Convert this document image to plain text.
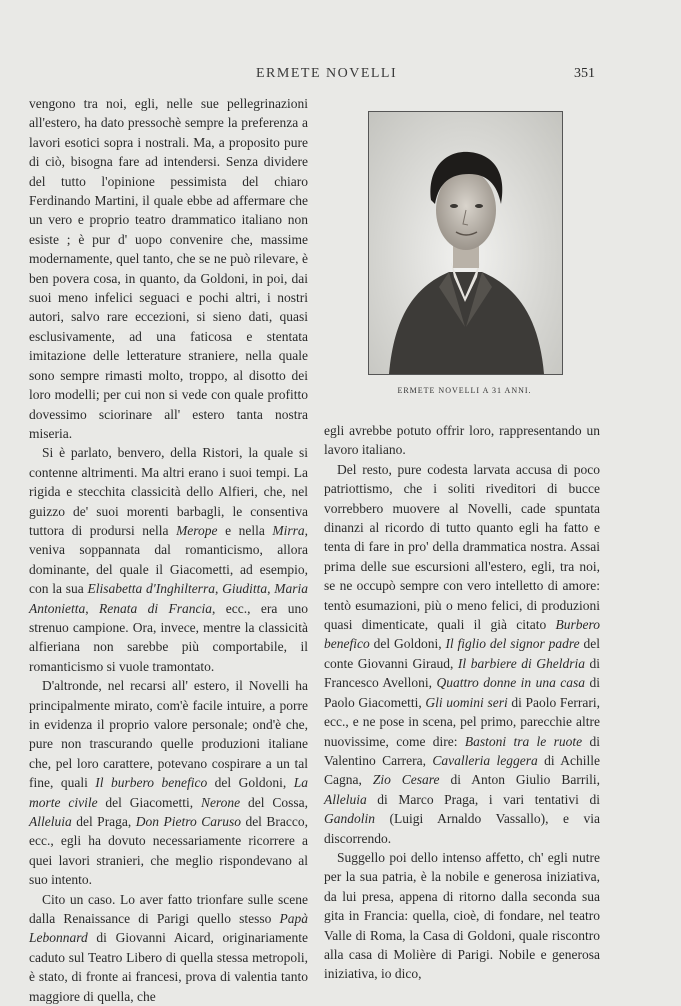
ERMETE NOVELLI	351

vengono tra noi, egli, nelle sue pellegrinazioni all'estero, ha dato pressochè sempre la preferenza a lavori esotici sopra i nostrali. Ma, a proposito pure di ciò, bisogna fare ad intendersi. Senza dividere del tutto l'opinione pessimista del chiaro Ferdinando Martini, il quale ebbe ad affermare che un vero e proprio teatro drammatico italiano non esiste ; è pur d' uopo convenire che, massime modernamente, quel tanto, che se ne può rilevare, è ben povera cosa, in quanto, da Goldoni, in poi, dai suoi meno infelici seguaci e pochi altri, i nostri autori, salvo rare eccezioni, si sieno dati, quasi esclusivamente, ad una faticosa e stentata imitazione delle letterature straniere, nella quale sono sempre rimasti molto, troppo, al disotto dei loro modelli; per cui non si vede con quale profitto dovessimo sciorinare all' estero tanta nostra miseria.

Si è parlato, benvero, della Ristori, la quale si contenne altrimenti. Ma altri erano i suoi tempi. La rigida e stecchita classicità dello Alfieri, che, nel guizzo de' suoi morenti barbagli, le consentiva tuttora di prodursi nella Merope e nella Mirra, veniva soppannata dal romanticismo, allora dominante, del quale il Giacometti, ad esempio, con la sua Elisabetta d'Inghilterra, Giuditta, Maria Antonietta, Renata di Francia, ecc., era uno strenuo campione. Ora, invece, mentre la classicità alfieriana non sarebbe più comportabile, il romanticismo si vuole tramontato.

D'altronde, nel recarsi all' estero, il Novelli ha principalmente mirato, com'è facile intuire, a porre in evidenza il proprio valore personale; ond'è che, pure non trascurando quelle produzioni italiane che, pel loro carattere, potevano cospirare a un tal fine, quali Il burbero benefico del Goldoni, La morte civile del Giacometti, Nerone del Cossa, Alleluia del Praga, Don Pietro Caruso del Bracco, ecc., egli ha dovuto necessariamente ricorrere a quei lavori stranieri, che meglio rispondevano al suo intento.

Cito un caso. Lo aver fatto trionfare sulle scene dalla Renaissance di Parigi quello stesso Papà Lebonnard di Giovanni Aicard, originariamente caduto sul Teatro Libero di quella stessa metropoli, è stato, di fronte ai francesi, prova di valentia tanto maggiore di quella, che

ERMETE NOVELLI A 31 ANNI.

egli avrebbe potuto offrir loro, rappresentando un lavoro italiano.

Del resto, pure codesta larvata accusa di poco patriottismo, che i soliti riveditori di bucce vorrebbero muovere al Novelli, cade spuntata dinanzi al ricordo di tutto quanto egli ha fatto e tenta di fare in pro' della drammatica nostra. Assai prima delle sue escursioni all'estero, egli, tra noi, se ne occupò sempre con vero intelletto di amore: tentò esumazioni, più o meno felici, di produzioni quasi dimenticate, quali il già citato Burbero benefico del Goldoni, Il figlio del signor padre del conte Giovanni Giraud, Il barbiere di Gheldria di Francesco Avelloni, Quattro donne in una casa di Paolo Giacometti, Gli uomini seri di Paolo Ferrari, ecc., e ne pose in scena, pel primo, parecchie altre nuovissime, come dire: Bastoni tra le ruote di Valentino Carrera, Cavalleria leggera di Achille Cagna, Zio Cesare di Anton Giulio Barrili, Alleluia di Marco Praga, i vari tentativi di Gandolin (Luigi Arnaldo Vassallo), e via discorrendo.

Suggello poi dello intenso affetto, ch' egli nutre per la sua patria, è la nobile e generosa iniziativa, da lui presa, appena di ritorno dalla seconda sua gita in Francia: quella, cioè, di fondare, nel teatro Valle di Roma, la Casa di Goldoni, quale riscontro alla casa di Molière di Parigi. Nobile e generosa iniziativa, io dico,
